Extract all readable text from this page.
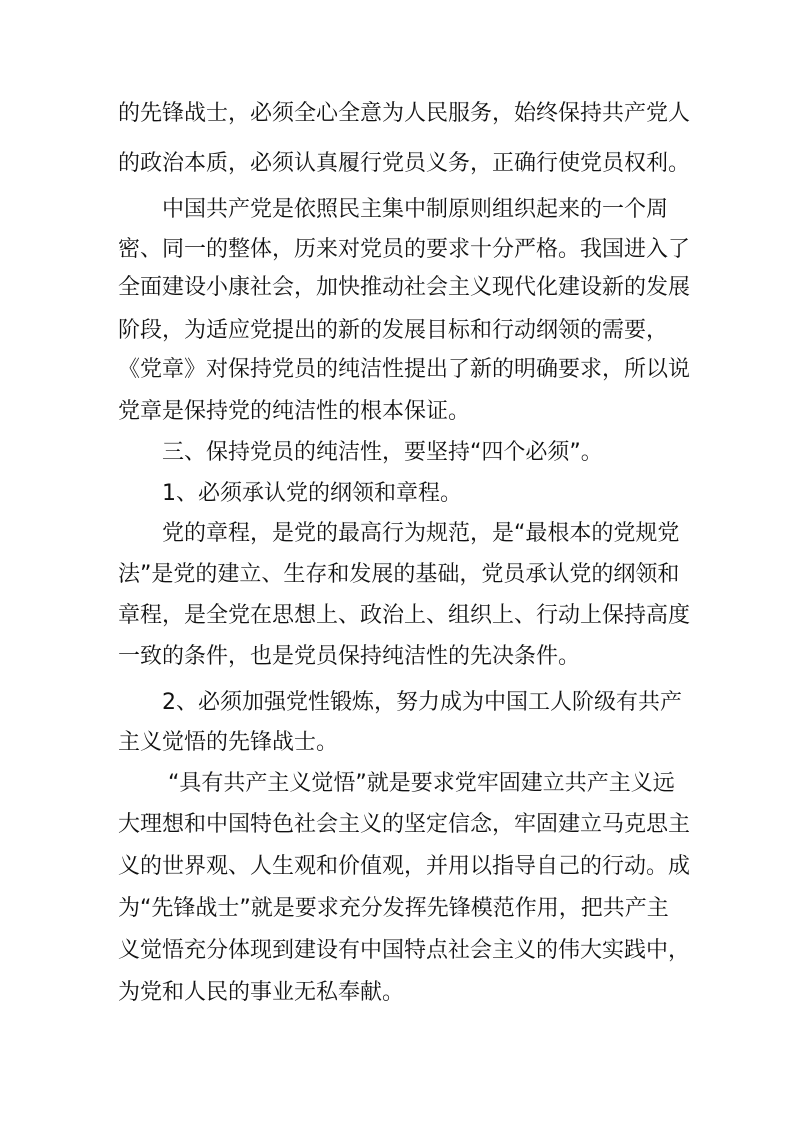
的先锋战士，必须全心全意为人民服务，始终保持共产党人
的政治本质，必须认真履行党员义务，正确行使党员权利。
中国共产党是依照民主集中制原则组织起来的一个周
密、同一的整体，历来对党员的要求十分严格。我国进入了
全面建设小康社会，加快推动社会主义现代化建设新的发展
阶段，为适应党提出的新的发展目标和行动纲领的需要，
《党章》对保持党员的纯洁性提出了新的明确要求，所以说
党章是保持党的纯洁性的根本保证。
三、保持党员的纯洁性，要坚持“四个必须”。
1、必须承认党的纲领和章程。
党的章程，是党的最高行为规范，是“最根本的党规党
法”是党的建立、生存和发展的基础，党员承认党的纲领和
章程，是全党在思想上、政治上、组织上、行动上保持高度
一致的条件，也是党员保持纯洁性的先决条件。
2、必须加强党性锻炼，努力成为中国工人阶级有共产
主义觉悟的先锋战士。
“具有共产主义觉悟”就是要求党牢固建立共产主义远
大理想和中国特色社会主义的坚定信念，牢固建立马克思主
义的世界观、人生观和价值观，并用以指导自己的行动。成
为“先锋战士”就是要求充分发挥先锋模范作用，把共产主
义觉悟充分体现到建设有中国特点社会主义的伟大实践中，
为党和人民的事业无私奉献。
